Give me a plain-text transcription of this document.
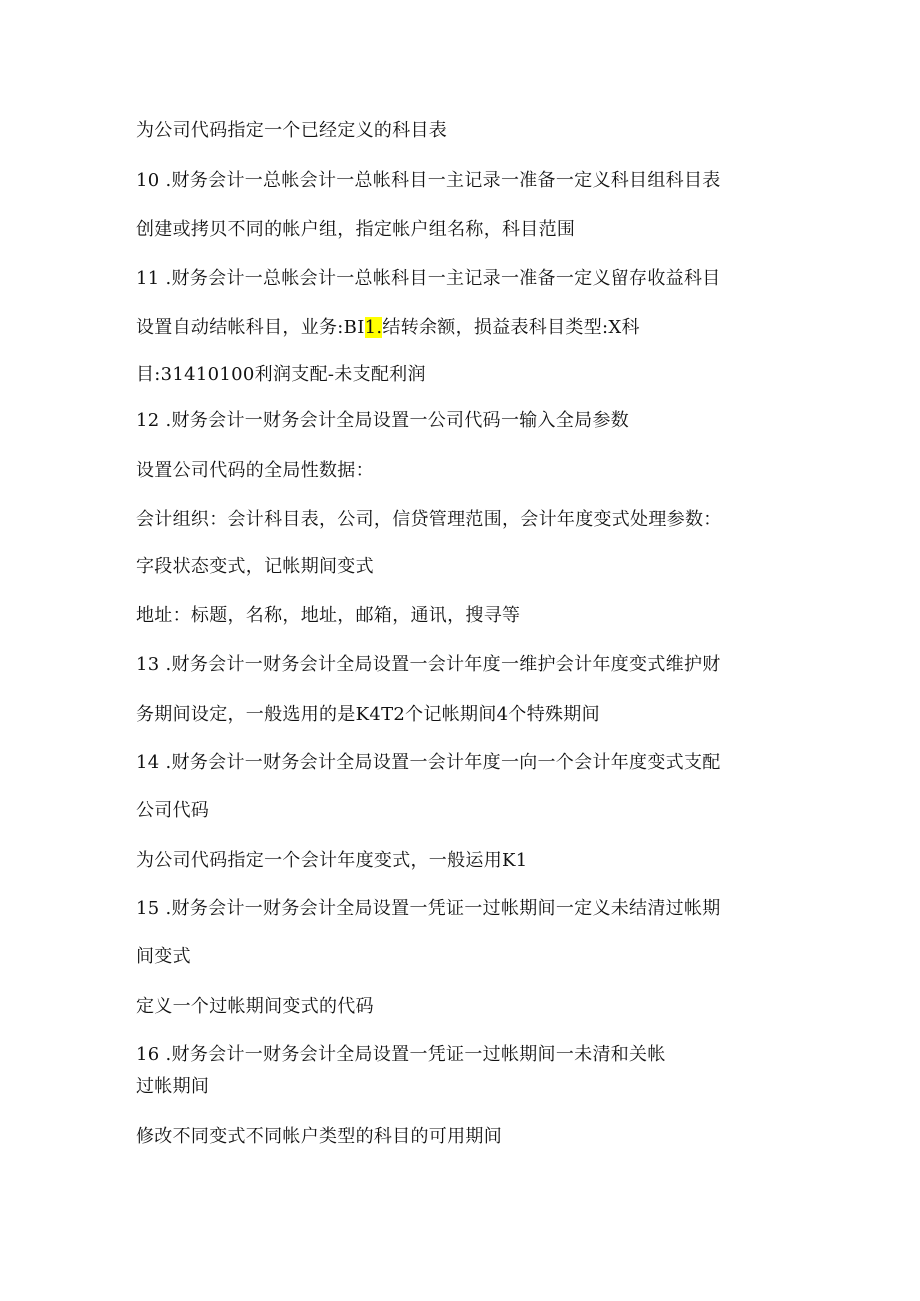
为公司代码指定一个已经定义的科目表
10 .财务会计一总帐会计一总帐科目一主记录一准备一定义科目组科目表
创建或拷贝不同的帐户组，指定帐户组名称，科目范围
11 .财务会计一总帐会计一总帐科目一主记录一准备一定义留存收益科目
设置自动结帐科目，业务:BI1.结转余额，损益表科目类型:X科
目:31410100利润支配-未支配利润
12 .财务会计一财务会计全局设置一公司代码一输入全局参数
设置公司代码的全局性数据：
会计组织：会计科目表，公司，信贷管理范围，会计年度变式处理参数：
字段状态变式，记帐期间变式
地址：标题，名称，地址，邮箱，通讯，搜寻等
13 .财务会计一财务会计全局设置一会计年度一维护会计年度变式维护财
务期间设定，一般选用的是K4T2个记帐期间4个特殊期间
14 .财务会计一财务会计全局设置一会计年度一向一个会计年度变式支配
公司代码
为公司代码指定一个会计年度变式，一般运用K1
15 .财务会计一财务会计全局设置一凭证一过帐期间一定义未结清过帐期
间变式
定义一个过帐期间变式的代码
16 .财务会计一财务会计全局设置一凭证一过帐期间一未清和关帐
过帐期间
修改不同变式不同帐户类型的科目的可用期间
